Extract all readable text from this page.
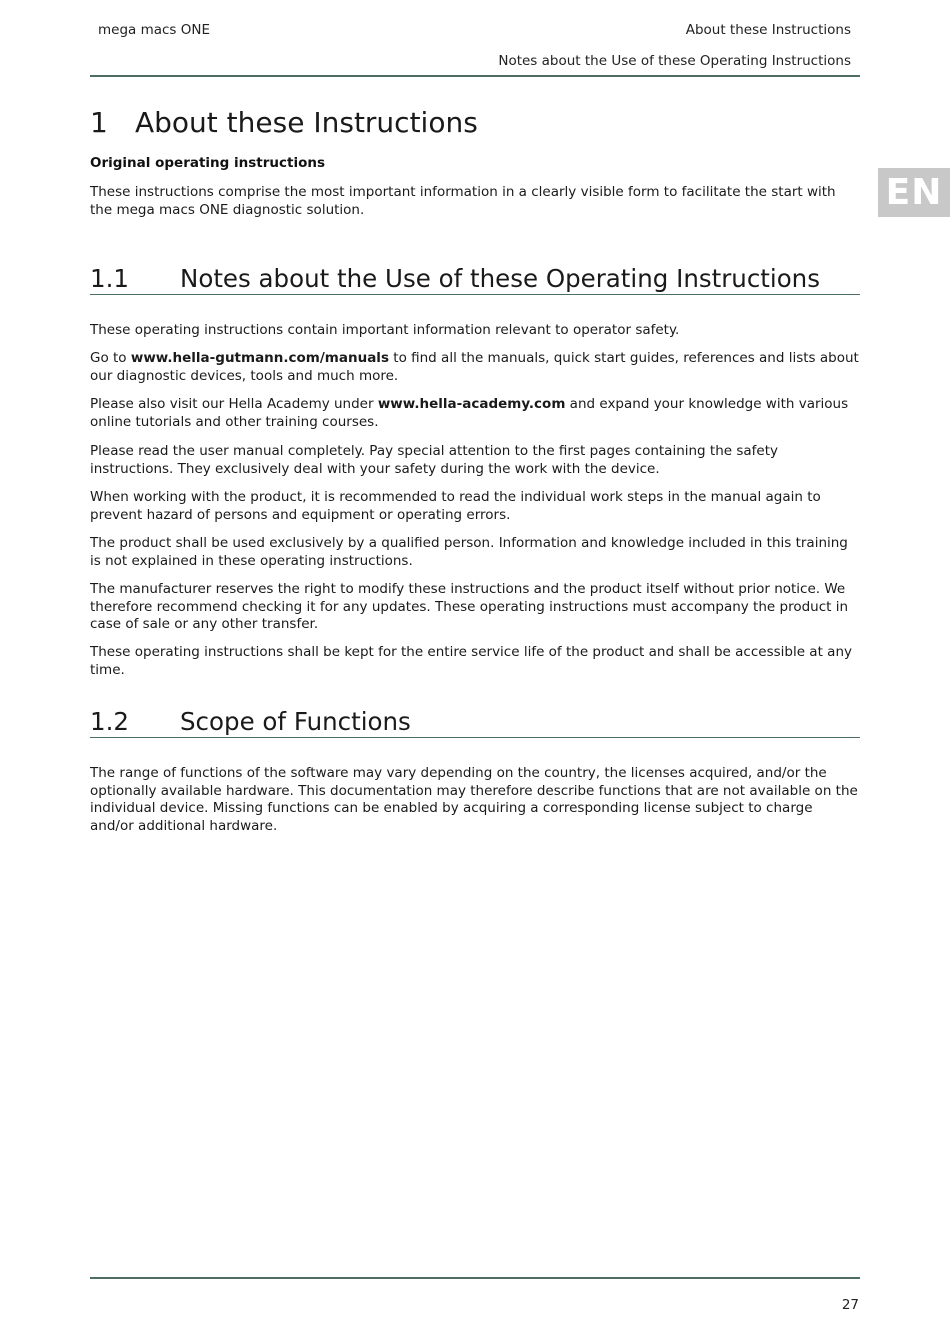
mega macs ONE	About these Instructions
Notes about the Use of these Operating Instructions
EN
1 About these Instructions
Original operating instructions
These instructions comprise the most important information in a clearly visible form to facilitate the start with the mega macs ONE diagnostic solution.
1.1 Notes about the Use of these Operating Instructions
These operating instructions contain important information relevant to operator safety.
Go to www.hella-gutmann.com/manuals to find all the manuals, quick start guides, references and lists about our diagnostic devices, tools and much more.
Please also visit our Hella Academy under www.hella-academy.com and expand your knowledge with various online tutorials and other training courses.
Please read the user manual completely. Pay special attention to the first pages containing the safety instructions. They exclusively deal with your safety during the work with the device.
When working with the product, it is recommended to read the individual work steps in the manual again to prevent hazard of persons and equipment or operating errors.
The product shall be used exclusively by a qualified person. Information and knowledge included in this training is not explained in these operating instructions.
The manufacturer reserves the right to modify these instructions and the product itself without prior notice. We therefore recommend checking it for any updates. These operating instructions must accompany the product in case of sale or any other transfer.
These operating instructions shall be kept for the entire service life of the product and shall be accessible at any time.
1.2 Scope of Functions
The range of functions of the software may vary depending on the country, the licenses acquired, and/or the optionally available hardware. This documentation may therefore describe functions that are not available on the individual device. Missing functions can be enabled by acquiring a corresponding license subject to charge and/or additional hardware.
27
